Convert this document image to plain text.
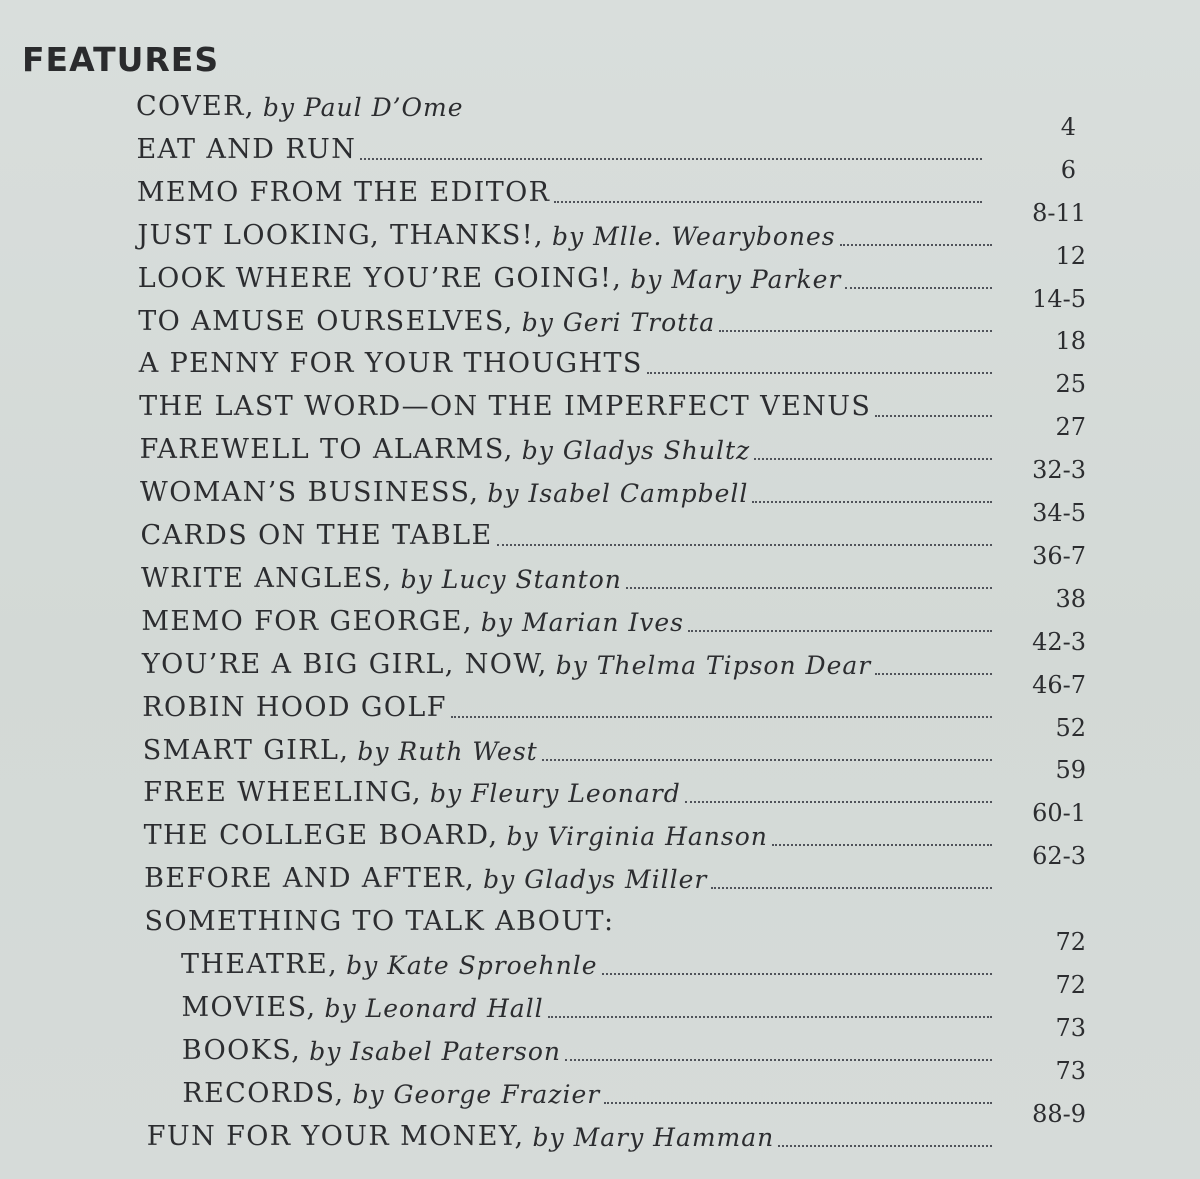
FEATURES
COVER, by Paul D’Ome
EAT AND RUN
4
MEMO FROM THE EDITOR
6
JUST LOOKING, THANKS!, by Mlle. Wearybones
8-11
LOOK WHERE YOU’RE GOING!, by Mary Parker
12
TO AMUSE OURSELVES, by Geri Trotta
14-5
A PENNY FOR YOUR THOUGHTS
18
THE LAST WORD—ON THE IMPERFECT VENUS
25
FAREWELL TO ALARMS, by Gladys Shultz
27
WOMAN’S BUSINESS, by Isabel Campbell
32-3
CARDS ON THE TABLE
34-5
WRITE ANGLES, by Lucy Stanton
36-7
MEMO FOR GEORGE, by Marian Ives
38
YOU’RE A BIG GIRL, NOW, by Thelma Tipson Dear
42-3
ROBIN HOOD GOLF
46-7
SMART GIRL, by Ruth West
52
FREE WHEELING, by Fleury Leonard
59
THE COLLEGE BOARD, by Virginia Hanson
60-1
BEFORE AND AFTER, by Gladys Miller
62-3
SOMETHING TO TALK ABOUT:
THEATRE, by Kate Sproehnle
72
MOVIES, by Leonard Hall
72
BOOKS, by Isabel Paterson
73
RECORDS, by George Frazier
73
FUN FOR YOUR MONEY, by Mary Hamman
88-9
